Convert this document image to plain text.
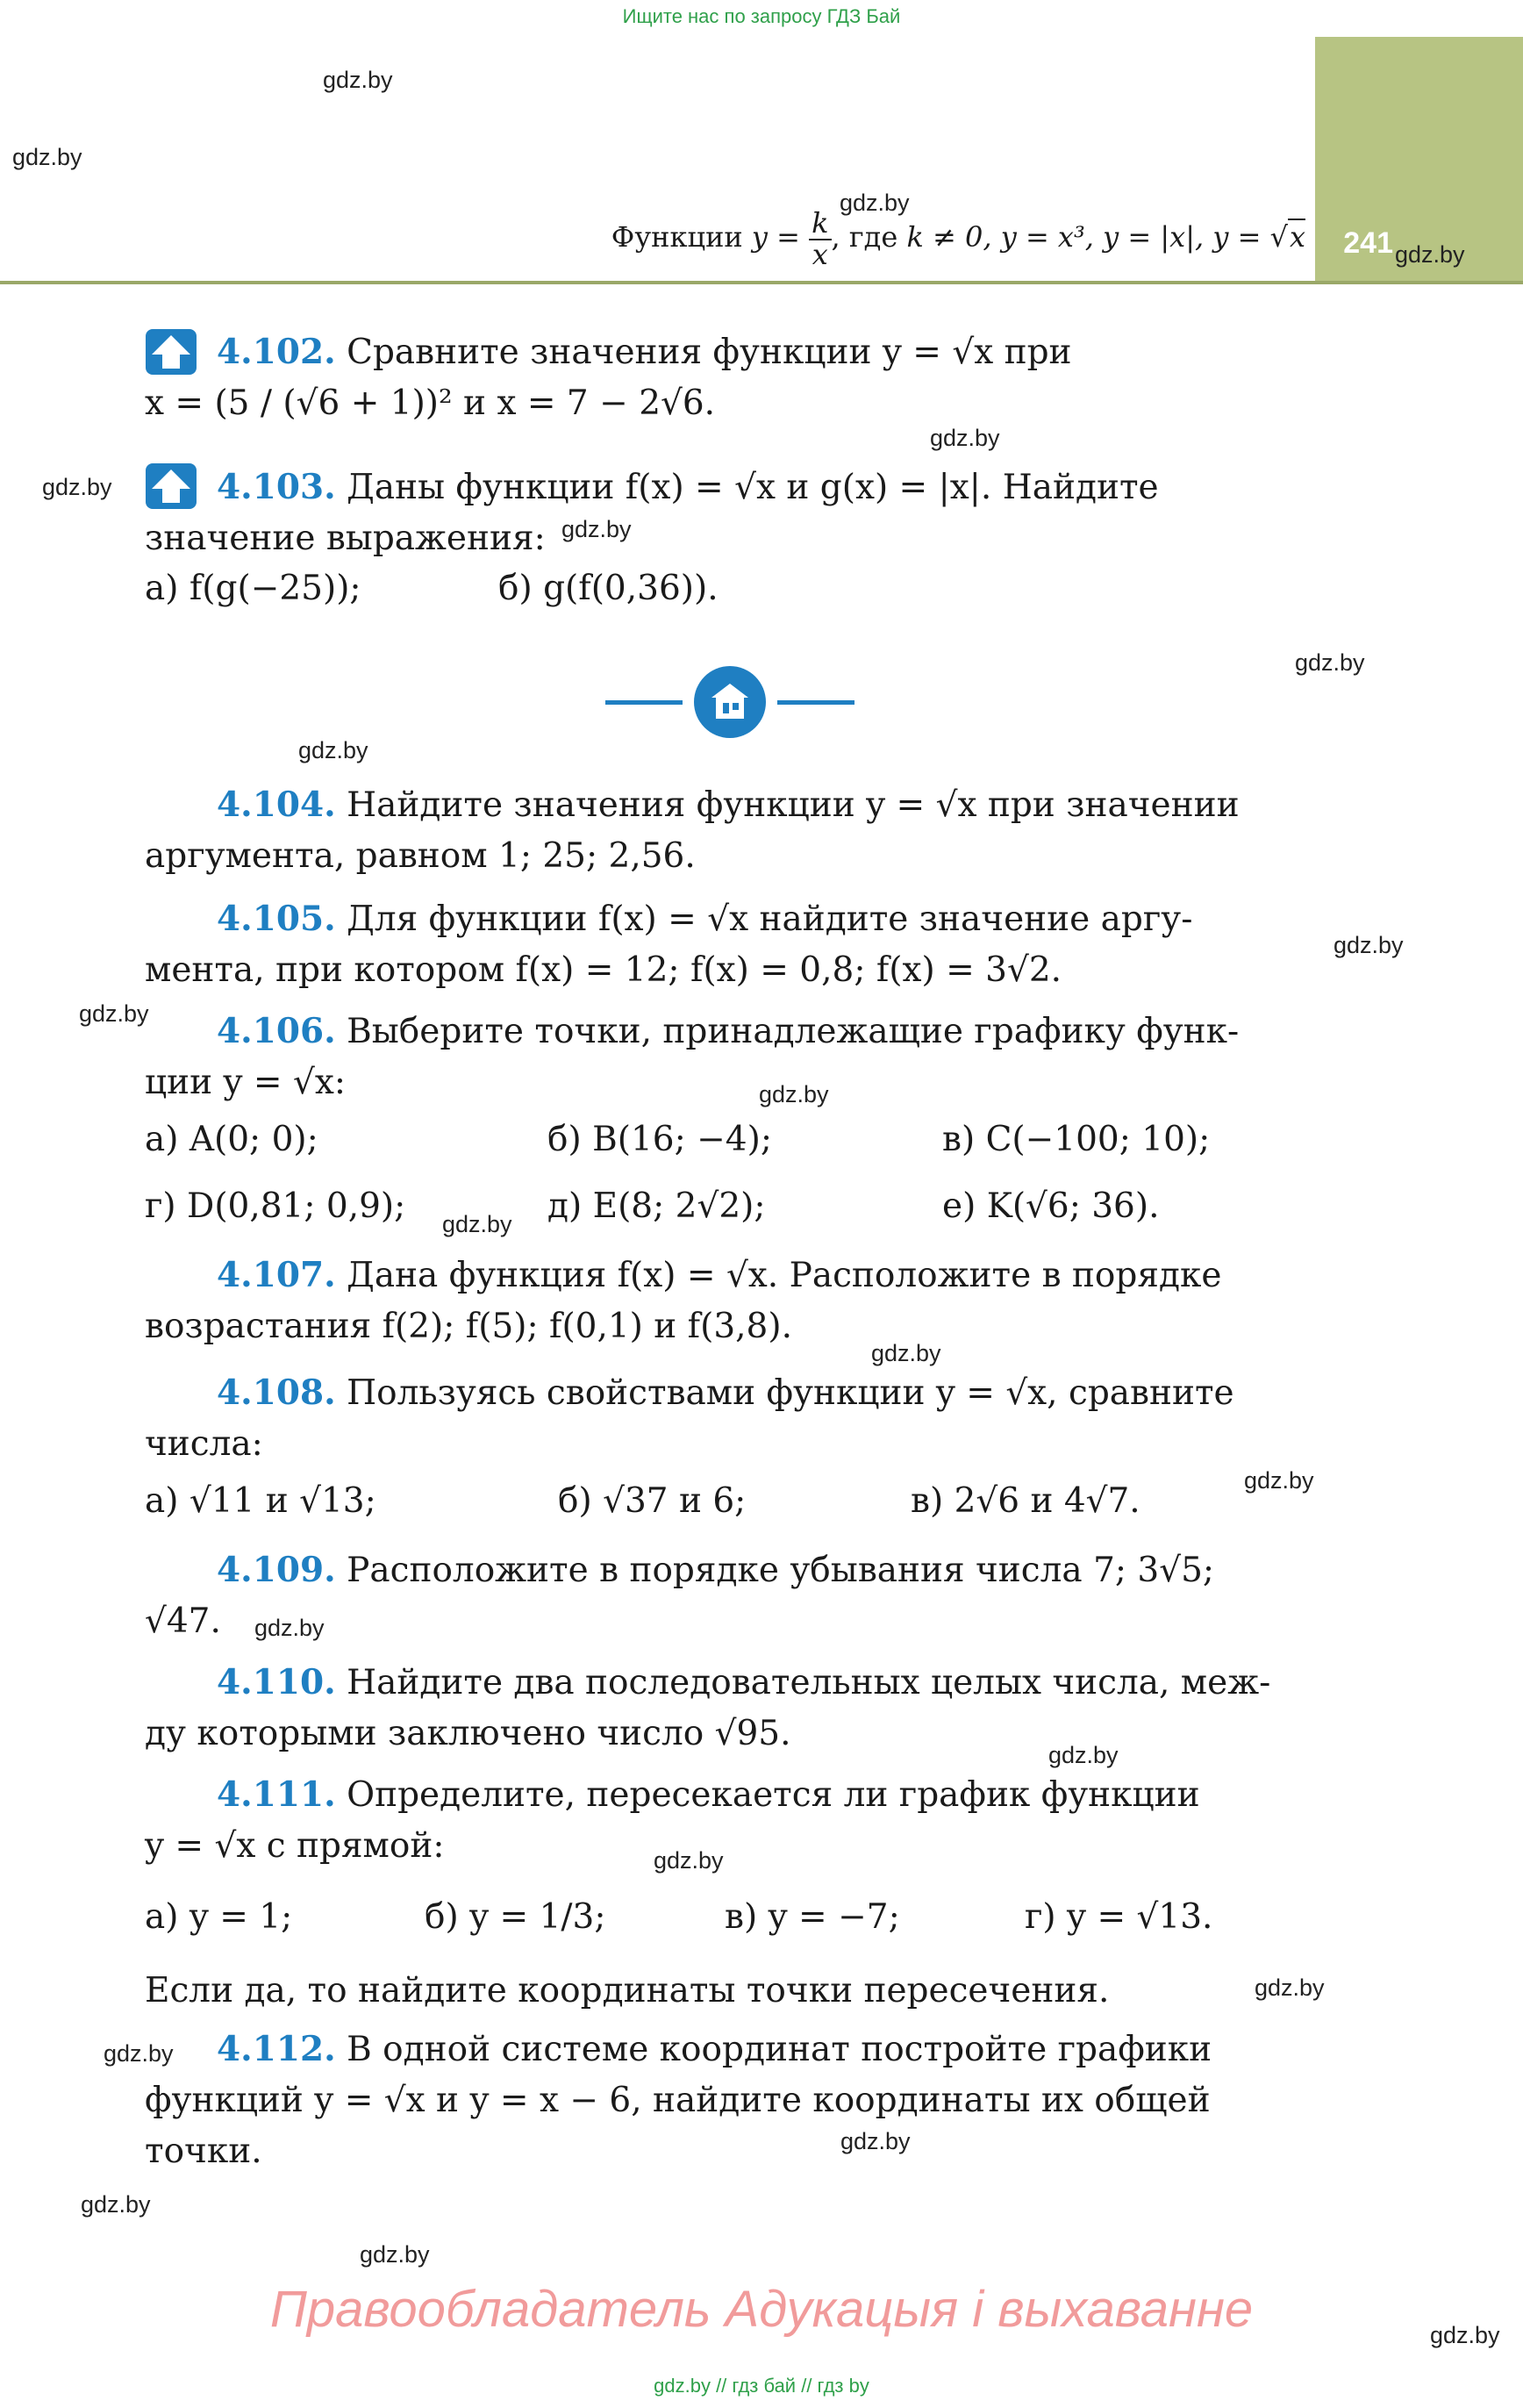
Ищите нас по запросу ГДЗ Бай
241
Функции $y = \frac{k}{x}$ , где k ≠ 0, y = x³, y = |x|, y = √x
gdz.by
gdz.by
gdz.by
gdz.by
gdz.by
gdz.by
gdz.by
gdz.by
gdz.by
gdz.by
gdz.by
gdz.by
gdz.by
gdz.by
gdz.by
gdz.by
gdz.by
gdz.by
gdz.by
gdz.by
gdz.by
gdz.by
gdz.by
gdz.by
4.102. Сравните значения функции y = √x при
x = (5 / (√6 + 1))² и x = 7 − 2√6.
4.103. Даны функции f(x) = √x и g(x) = |x|. Найдите
значение выражения:
а) f(g(−25));	б) g(f(0,36)).
4.104. Найдите значения функции y = √x при значении
аргумента, равном 1; 25; 2,56.
4.105. Для функции f(x) = √x найдите значение аргу-
мента, при котором f(x) = 12; f(x) = 0,8; f(x) = 3√2.
4.106. Выберите точки, принадлежащие графику функ-
ции y = √x:
а) A(0; 0);	б) B(16; −4);	в) C(−100; 10);
г) D(0,81; 0,9);	д) E(8; 2√2);	е) K(√6; 36).
4.107. Дана функция f(x) = √x. Расположите в порядке
возрастания f(2); f(5); f(0,1) и f(3,8).
4.108. Пользуясь свойствами функции y = √x, сравните
числа:
а) √11 и √13;	б) √37 и 6;	в) 2√6 и 4√7.
4.109. Расположите в порядке убывания числа 7; 3√5;
√47.
4.110. Найдите два последовательных целых числа, меж-
ду которыми заключено число √95.
4.111. Определите, пересекается ли график функции
y = √x с прямой:
а) y = 1;	б) y = 1/3;	в) y = −7;	г) y = √13.
Если да, то найдите координаты точки пересечения.
4.112. В одной системе координат постройте графики
функций y = √x и y = x − 6, найдите координаты их общей
точки.
Правообладатель Адукацыя і выхаванне
gdz.by // гдз бай // гдз by
